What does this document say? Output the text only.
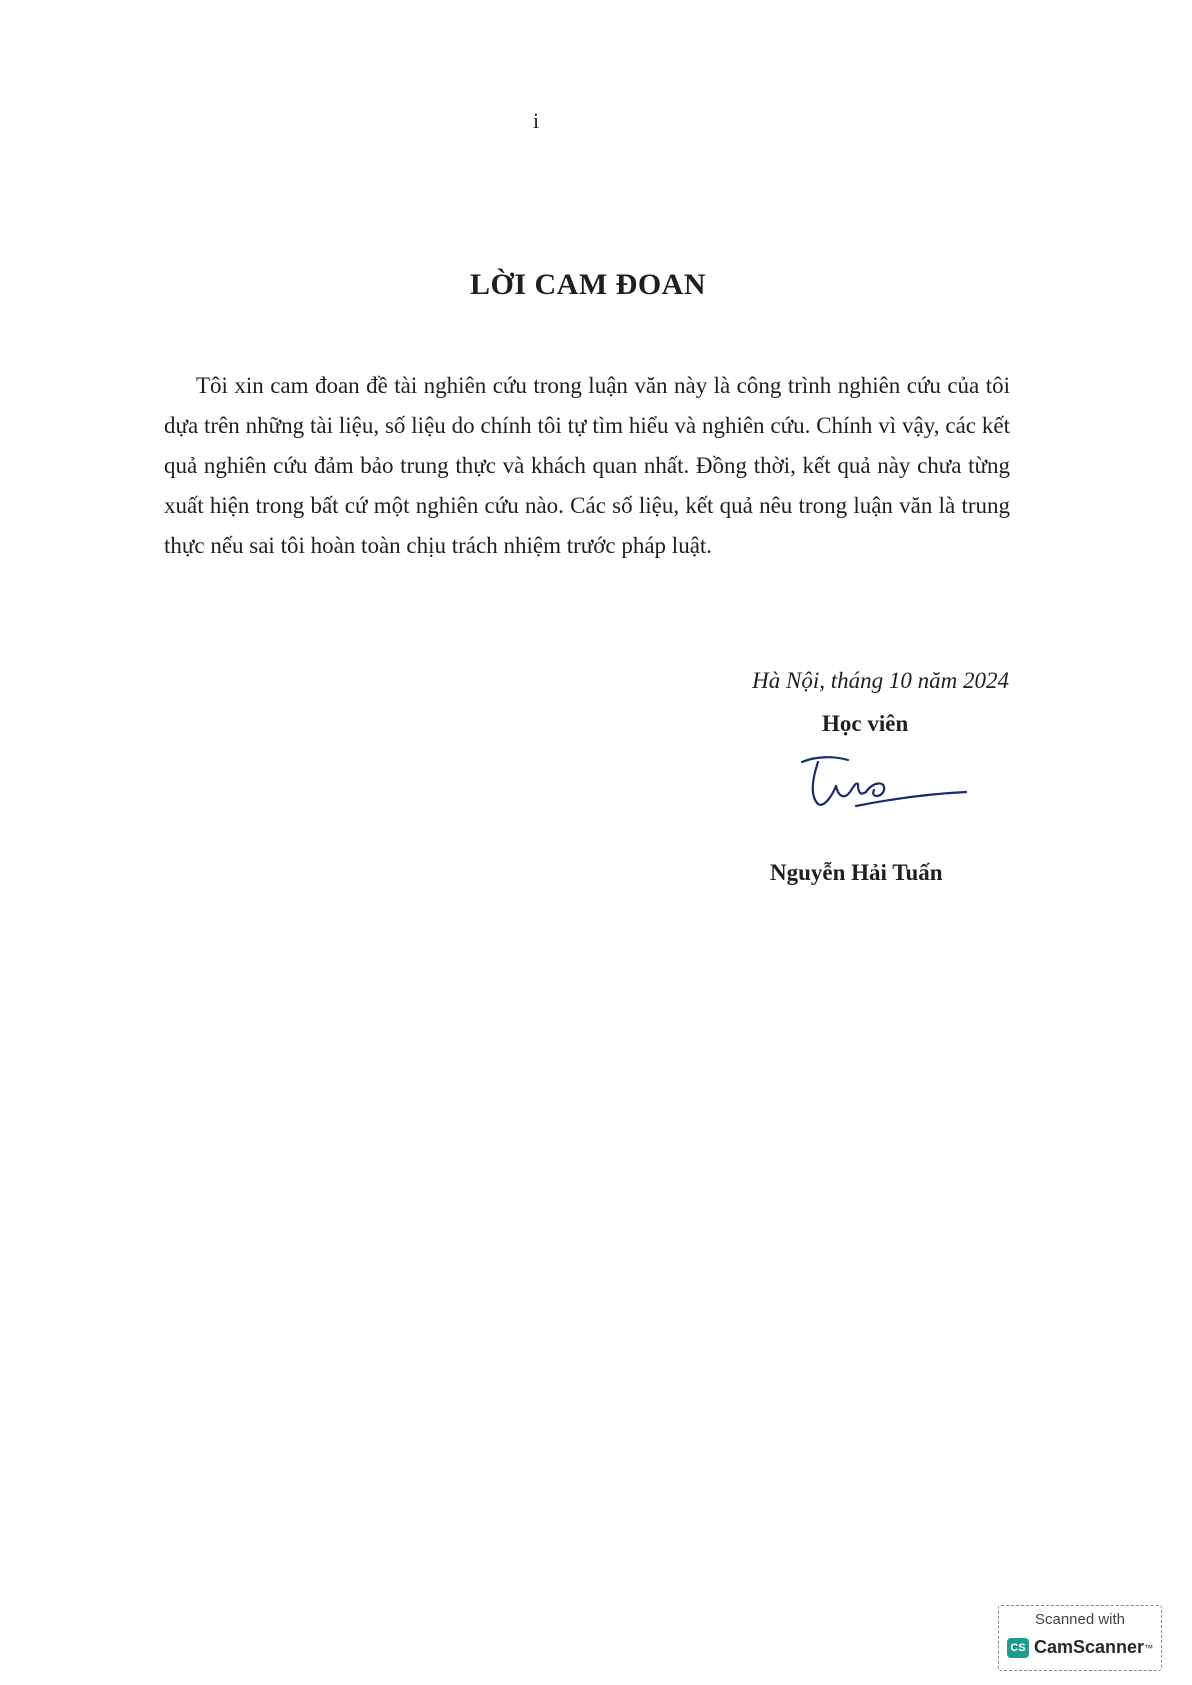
i
LỜI CAM ĐOAN

Tôi xin cam đoan đề tài nghiên cứu trong luận văn này là công trình nghiên cứu của tôi dựa trên những tài liệu, số liệu do chính tôi tự tìm hiểu và nghiên cứu. Chính vì vậy, các kết quả nghiên cứu đảm bảo trung thực và khách quan nhất. Đồng thời, kết quả này chưa từng xuất hiện trong bất cứ một nghiên cứu nào. Các số liệu, kết quả nêu trong luận văn là trung thực nếu sai tôi hoàn toàn chịu trách nhiệm trước pháp luật.

Hà Nội, tháng 10 năm 2024
Học viên
Nguyễn Hải Tuấn
Scanned with
CS CamScanner ™
